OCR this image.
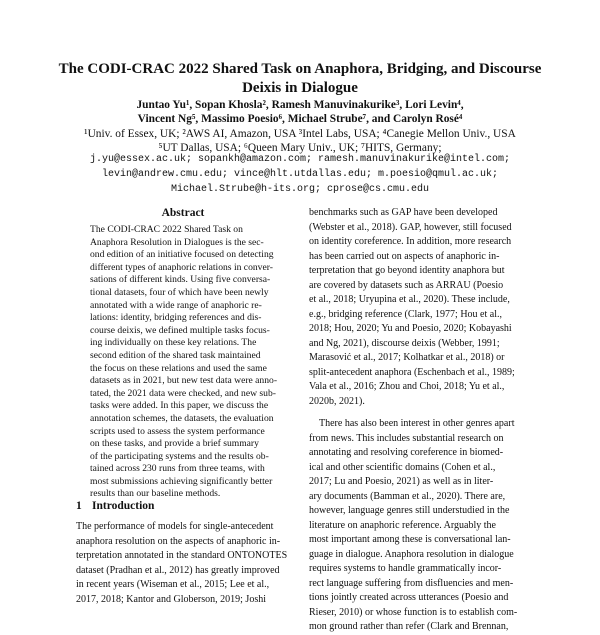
The CODI-CRAC 2022 Shared Task on Anaphora, Bridging, and Discourse
Deixis in Dialogue
Juntao Yu¹, Sopan Khosla², Ramesh Manuvinakurike³, Lori Levin⁴,
Vincent Ng⁵, Massimo Poesio⁶, Michael Strube⁷, and Carolyn Rosé⁴
¹Univ. of Essex, UK; ²AWS AI, Amazon, USA ³Intel Labs, USA; ⁴Canegie Mellon Univ., USA
⁵UT Dallas, USA; ⁶Queen Mary Univ., UK; ⁷HITS, Germany;
j.yu@essex.ac.uk; sopankh@amazon.com; ramesh.manuvinakurike@intel.com;
levin@andrew.cmu.edu; vince@hlt.utdallas.edu; m.poesio@qmul.ac.uk;
Michael.Strube@h-its.org; cprose@cs.cmu.edu
Abstract
The CODI-CRAC 2022 Shared Task on
Anaphora Resolution in Dialogues is the sec-
ond edition of an initiative focused on detecting
different types of anaphoric relations in conver-
sations of different kinds. Using five conversa-
tional datasets, four of which have been newly
annotated with a wide range of anaphoric re-
lations: identity, bridging references and dis-
course deixis, we defined multiple tasks focus-
ing individually on these key relations. The
second edition of the shared task maintained
the focus on these relations and used the same
datasets as in 2021, but new test data were anno-
tated, the 2021 data were checked, and new sub-
tasks were added. In this paper, we discuss the
annotation schemes, the datasets, the evaluation
scripts used to assess the system performance
on these tasks, and provide a brief summary
of the participating systems and the results ob-
tained across 230 runs from three teams, with
most submissions achieving significantly better
results than our baseline methods.
1 Introduction
The performance of models for single-antecedent
anaphora resolution on the aspects of anaphoric in-
terpretation annotated in the standard ONTONOTES
dataset (Pradhan et al., 2012) has greatly improved
in recent years (Wiseman et al., 2015; Lee et al.,
2017, 2018; Kantor and Globerson, 2019; Joshi
benchmarks such as GAP have been developed
(Webster et al., 2018). GAP, however, still focused
on identity coreference. In addition, more research
has been carried out on aspects of anaphoric in-
terpretation that go beyond identity anaphora but
are covered by datasets such as ARRAU (Poesio
et al., 2018; Uryupina et al., 2020). These include,
e.g., bridging reference (Clark, 1977; Hou et al.,
2018; Hou, 2020; Yu and Poesio, 2020; Kobayashi
and Ng, 2021), discourse deixis (Webber, 1991;
Marasović et al., 2017; Kolhatkar et al., 2018) or
split-antecedent anaphora (Eschenbach et al., 1989;
Vala et al., 2016; Zhou and Choi, 2018; Yu et al.,
2020b, 2021).
There has also been interest in other genres apart
from news. This includes substantial research on
annotating and resolving coreference in biomed-
ical and other scientific domains (Cohen et al.,
2017; Lu and Poesio, 2021) as well as in liter-
ary documents (Bamman et al., 2020). There are,
however, language genres still understudied in the
literature on anaphoric reference. Arguably the
most important among these is conversational lan-
guage in dialogue. Anaphora resolution in dialogue
requires systems to handle grammatically incor-
rect language suffering from disfluencies and men-
tions jointly created across utterances (Poesio and
Rieser, 2010) or whose function is to establish com-
mon ground rather than refer (Clark and Brennan,
